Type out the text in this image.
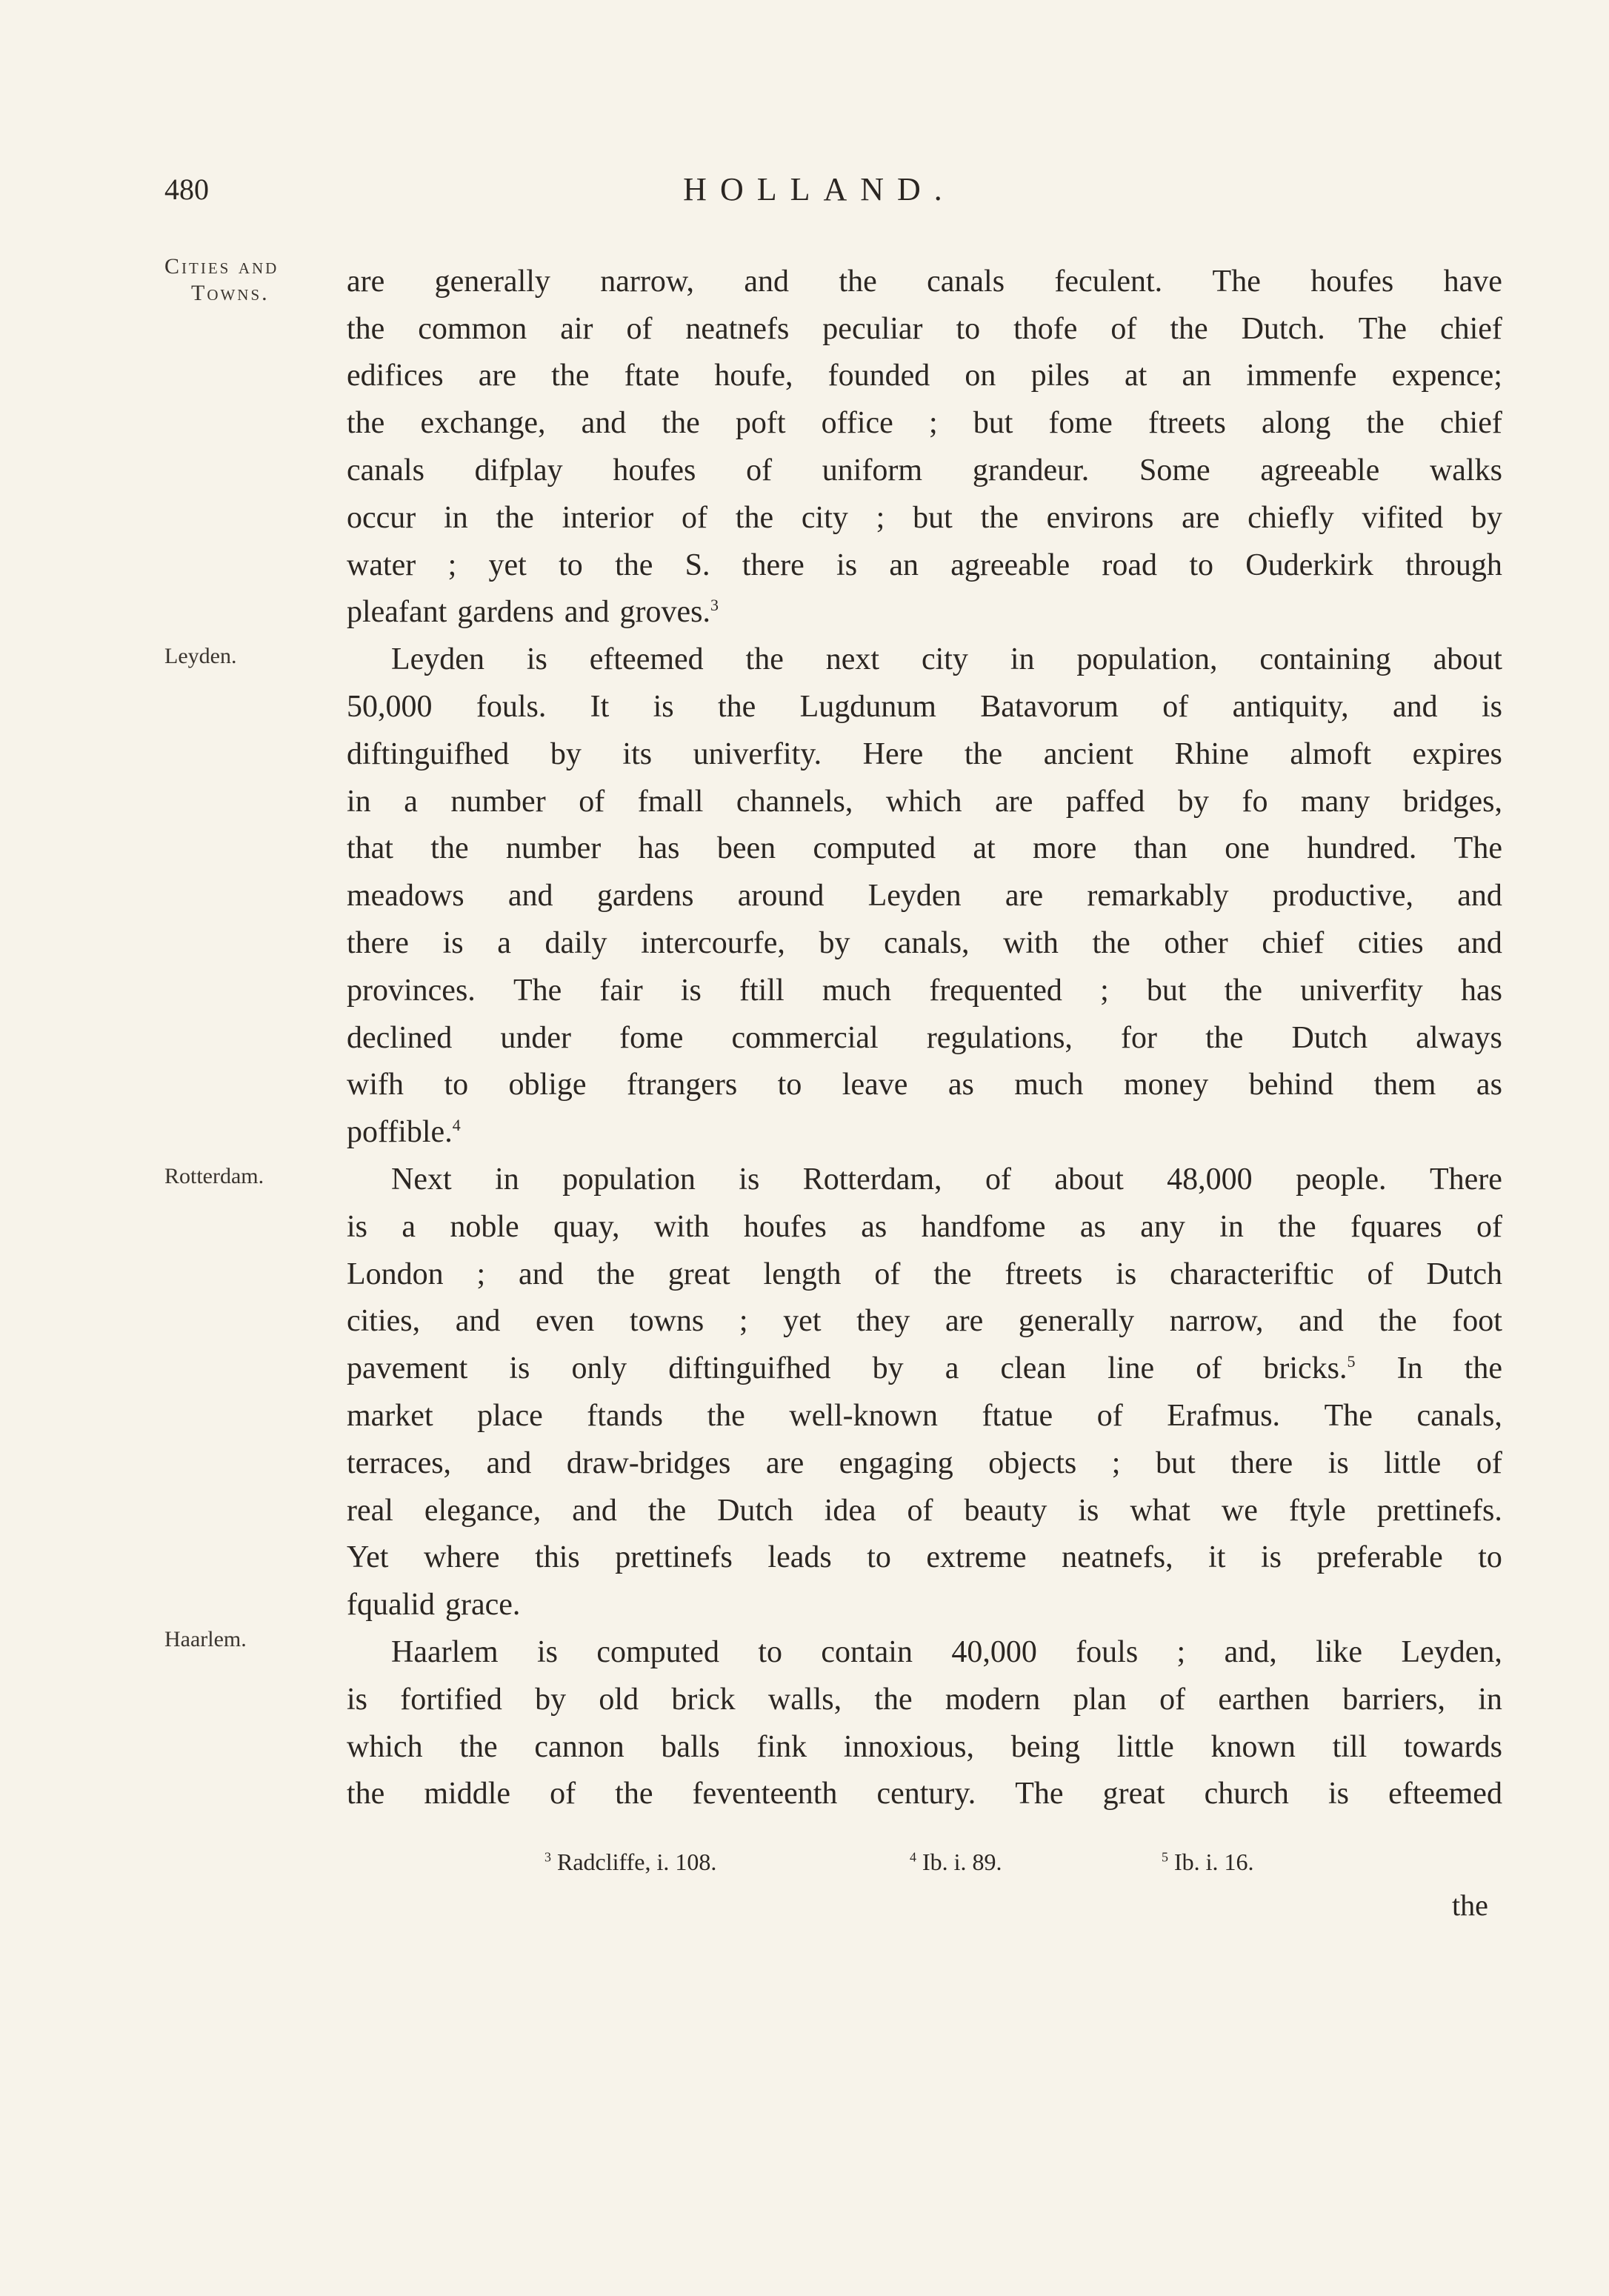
480	HOLLAND.
Cities and
Towns.
Leyden.
Rotterdam.
Haarlem.
are generally narrow, and the canals feculent. The houfes have
the common air of neatnefs peculiar to thofe of the Dutch. The chief
edifices are the ftate houfe, founded on piles at an immenfe expence;
the exchange, and the poft office ; but fome ftreets along the chief
canals difplay houfes of uniform grandeur. Some agreeable walks
occur in the interior of the city ; but the environs are chiefly vifited by
water ; yet to the S. there is an agreeable road to Ouderkirk through
pleafant gardens and groves.$^3$
Leyden is efteemed the next city in population, containing about
50,000 fouls. It is the Lugdunum Batavorum of antiquity, and is
diftinguifhed by its univerfity. Here the ancient Rhine almoft expires
in a number of fmall channels, which are paffed by fo many bridges,
that the number has been computed at more than one hundred. The
meadows and gardens around Leyden are remarkably productive, and
there is a daily intercourfe, by canals, with the other chief cities and
provinces. The fair is ftill much frequented ; but the univerfity has
declined under fome commercial regulations, for the Dutch always
wifh to oblige ftrangers to leave as much money behind them as
poffible.$^4$
Next in population is Rotterdam, of about 48,000 people. There
is a noble quay, with houfes as handfome as any in the fquares of
London ; and the great length of the ftreets is characteriftic of Dutch
cities, and even towns ; yet they are generally narrow, and the foot
pavement is only diftinguifhed by a clean line of bricks.$^5$ In the
market place ftands the well-known ftatue of Erafmus. The canals,
terraces, and draw-bridges are engaging objects ; but there is little of
real elegance, and the Dutch idea of beauty is what we ftyle prettinefs.
Yet where this prettinefs leads to extreme neatnefs, it is preferable to
fqualid grace.
Haarlem is computed to contain 40,000 fouls ; and, like Leyden,
is fortified by old brick walls, the modern plan of earthen barriers, in
which the cannon balls fink innoxious, being little known till towards
the middle of the feventeenth century. The great church is efteemed
$^3$ Radcliffe, i. 108.	$^4$ Ib. i. 89.	$^5$ Ib. i. 16.
the
